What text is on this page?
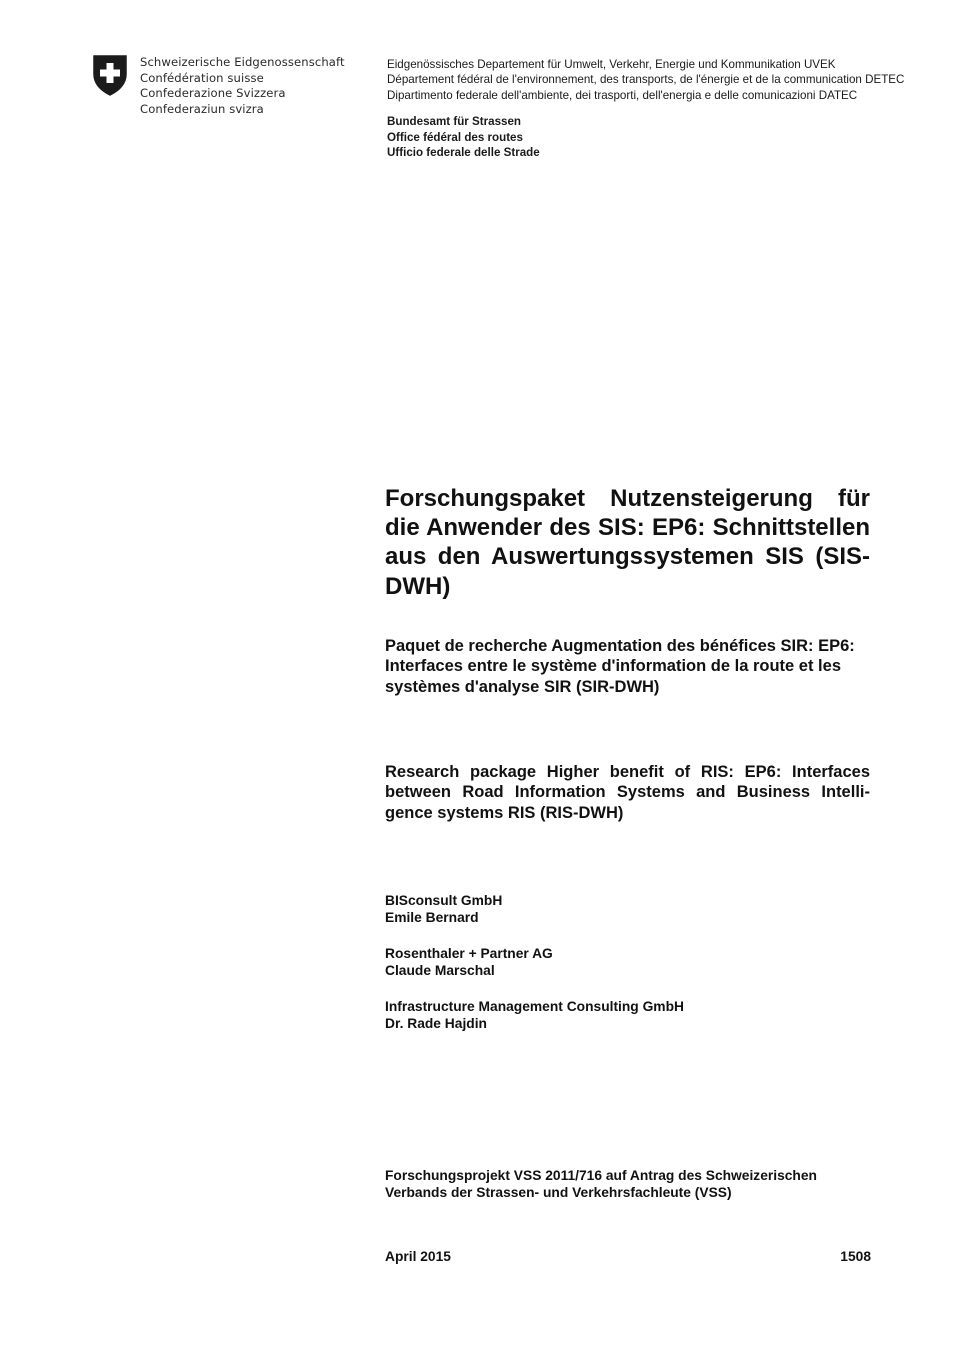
Schweizerische Eidgenossenschaft
Confédération suisse
Confederazione Svizzera
Confederaziun svizra
Eidgenössisches Departement für Umwelt, Verkehr, Energie und Kommunikation UVEK
Département fédéral de l'environnement, des transports, de l'énergie et de la communication DETEC
Dipartimento federale dell'ambiente, dei trasporti, dell'energia e delle comunicazioni DATEC
Bundesamt für Strassen
Office fédéral des routes
Ufficio federale delle Strade
Forschungspaket Nutzensteigerung für die Anwender des SIS: EP6: Schnittstellen aus den Auswertungssystemen SIS (SIS-DWH)
Paquet de recherche Augmentation des bénéfices SIR: EP6: Interfaces entre le système d'information de la route et les systèmes d'analyse SIR (SIR-DWH)
Research package Higher benefit of RIS: EP6: Interfaces between Road Information Systems and Business Intelligence systems RIS (RIS-DWH)
BISconsult GmbH
Emile Bernard
Rosenthaler + Partner AG
Claude Marschal
Infrastructure Management Consulting GmbH
Dr. Rade Hajdin
Forschungsprojekt VSS 2011/716 auf Antrag des Schweizerischen Verbands der Strassen- und Verkehrsfachleute (VSS)
April 2015	1508
